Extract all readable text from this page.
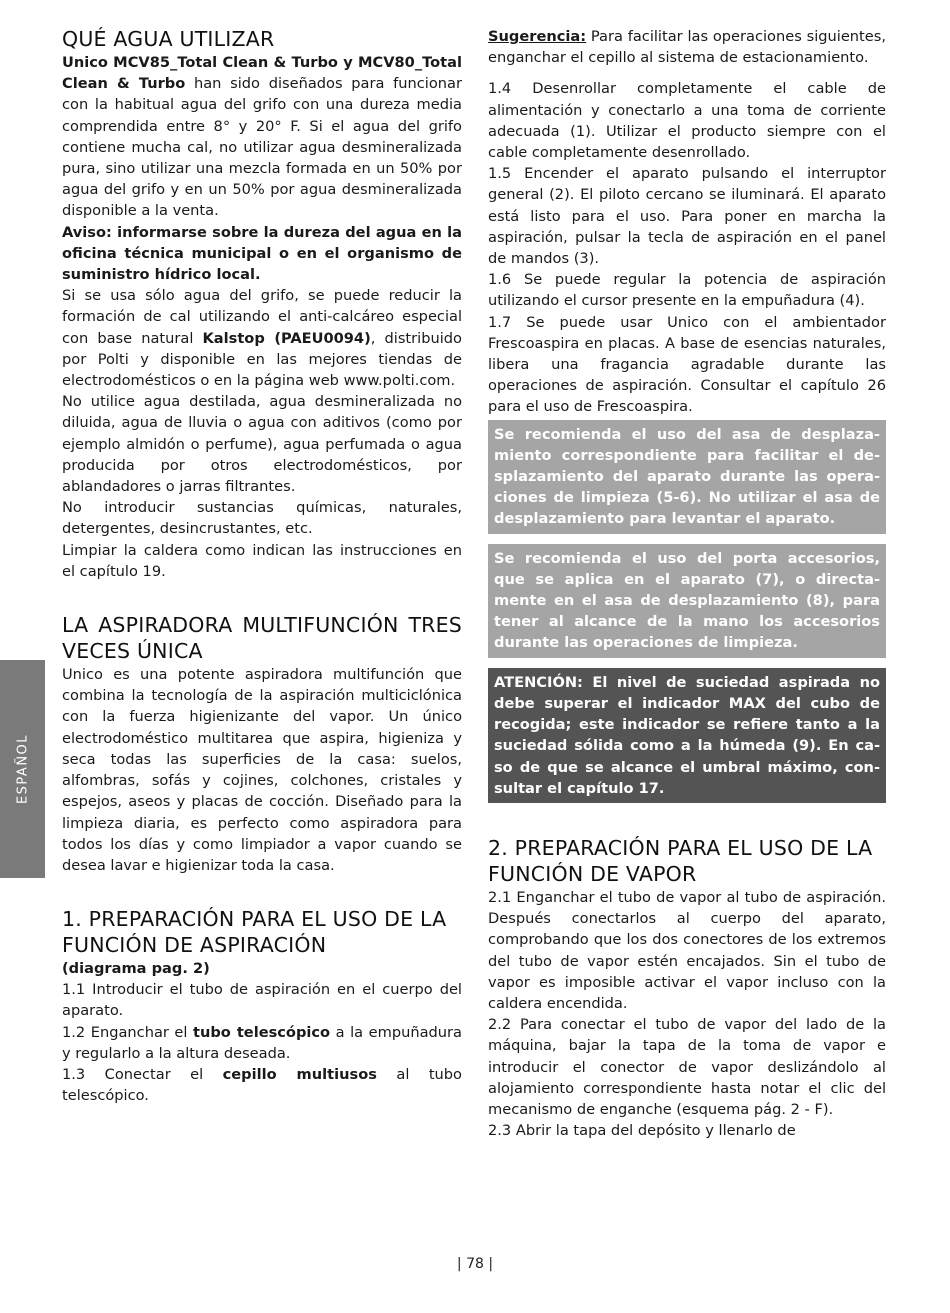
ESPAÑOL
QUÉ AGUA UTILIZAR

Unico MCV85_Total Clean & Turbo y MCV80_Total Clean & Turbo han sido diseñados para funcionar con la habitual agua del grifo con una dureza media comprendida entre 8° y 20° F. Si el agua del grifo contiene mucha cal, no utilizar agua desmineralizada pura, sino utilizar una mezcla formada en un 50% por agua del grifo y en un 50% por agua desmineralizada disponible a la venta.

Aviso: informarse sobre la dureza del agua en la oficina técnica municipal o en el organismo de suministro hídrico local.

Si se usa sólo agua del grifo, se puede reducir la formación de cal utilizando el anti-calcáreo especial con base natural Kalstop (PAEU0094), distribuido por Polti y disponible en las mejores tiendas de electrodomésticos o en la página web www.polti.com.

No utilice agua destilada, agua desmineralizada no diluida, agua de lluvia o agua con aditivos (como por ejemplo almidón o perfume), agua perfumada o agua producida por otros electrodomésticos, por ablandadores o jarras filtrantes.

No introducir sustancias químicas, naturales, detergentes, desincrustantes, etc.

Limpiar la caldera como indican las instrucciones en el capítulo 19.

LA ASPIRADORA MULTIFUNCIÓN TRES VECES ÚNICA

Unico es una potente aspiradora multifunción que combina la tecnología de la aspiración multiciclónica con la fuerza higienizante del vapor. Un único electrodoméstico multitarea que aspira, higieniza y seca todas las superficies de la casa: suelos, alfombras, sofás y cojines, colchones, cristales y espejos, aseos y placas de cocción. Diseñado para la limpieza diaria, es perfecto como aspiradora para todos los días y como limpiador a vapor cuando se desea lavar e higienizar toda la casa.

1. PREPARACIÓN PARA EL USO DE LA FUNCIÓN DE ASPIRACIÓN
(diagrama pag. 2)

1.1 Introducir el tubo de aspiración en el cuerpo del aparato.

1.2 Enganchar el tubo telescópico a la empuñadura y regularlo a la altura deseada.

1.3 Conectar el cepillo multiusos al tubo telescópico.

Sugerencia: Para facilitar las operaciones siguientes, enganchar el cepillo al sistema de estacionamiento.

1.4 Desenrollar completamente el cable de alimentación y conectarlo a una toma de corriente adecuada (1). Utilizar el producto siempre con el cable completamente desenrollado.

1.5 Encender el aparato pulsando el interruptor general (2). El piloto cercano se iluminará. El aparato está listo para el uso. Para poner en marcha la aspiración, pulsar la tecla de aspiración en el panel de mandos (3).

1.6 Se puede regular la potencia de aspiración utilizando el cursor presente en la empuñadura (4).

1.7 Se puede usar Unico con el ambientador Frescoaspira en placas. A base de esencias naturales, libera una fragancia agradable durante las operaciones de aspiración. Consultar el capítulo 26 para el uso de Frescoaspira.

Se recomienda el uso del asa de desplaza-miento correspondiente para facilitar el de-splazamiento del aparato durante las opera-ciones de limpieza (5-6). No utilizar el asa de desplazamiento para levantar el aparato.
Se recomienda el uso del porta accesorios, que se aplica en el aparato (7), o directa-mente en el asa de desplazamiento (8), para tener al alcance de la mano los accesorios durante las operaciones de limpieza.
ATENCIÓN: El nivel de suciedad aspirada no debe superar el indicador MAX del cubo de recogida; este indicador se refiere tanto a la suciedad sólida como a la húmeda (9). En ca-so de que se alcance el umbral máximo, con-sultar el capítulo 17.
2. PREPARACIÓN PARA EL USO DE LA FUNCIÓN DE VAPOR

2.1 Enganchar el tubo de vapor al tubo de aspiración. Después conectarlos al cuerpo del aparato, comprobando que los dos conectores de los extremos del tubo de vapor estén encajados. Sin el tubo de vapor es imposible activar el vapor incluso con la caldera encendida.

2.2 Para conectar el tubo de vapor del lado de la máquina, bajar la tapa de la toma de vapor e introducir el conector de vapor deslizándolo al alojamiento correspondiente hasta notar el clic del mecanismo de enganche (esquema pág. 2 - F).

2.3 Abrir la tapa del depósito y llenarlo de

| 78 |
